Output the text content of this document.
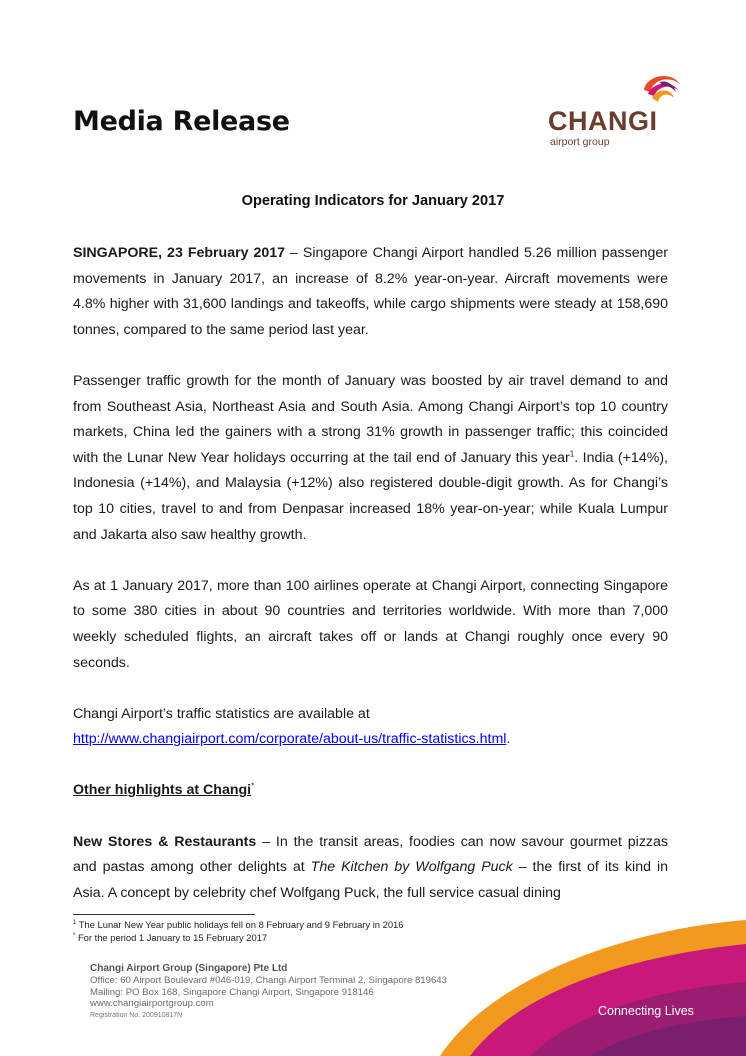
Media Release	CHANGI
airport group
Operating Indicators for January 2017

SINGAPORE, 23 February 2017 – Singapore Changi Airport handled 5.26 million passenger movements in January 2017, an increase of 8.2% year-on-year. Aircraft movements were 4.8% higher with 31,600 landings and takeoffs, while cargo shipments were steady at 158,690 tonnes, compared to the same period last year.

Passenger traffic growth for the month of January was boosted by air travel demand to and from Southeast Asia, Northeast Asia and South Asia. Among Changi Airport’s top 10 country markets, China led the gainers with a strong 31% growth in passenger traffic; this coincided with the Lunar New Year holidays occurring at the tail end of January this year$^1$. India (+14%), Indonesia (+14%), and Malaysia (+12%) also registered double-digit growth. As for Changi’s top 10 cities, travel to and from Denpasar increased 18% year-on-year; while Kuala Lumpur and Jakarta also saw healthy growth.

As at 1 January 2017, more than 100 airlines operate at Changi Airport, connecting Singapore to some 380 cities in about 90 countries and territories worldwide. With more than 7,000 weekly scheduled flights, an aircraft takes off or lands at Changi roughly once every 90 seconds.

Changi Airport’s traffic statistics are available at

http://www.changiairport.com/corporate/about-us/traffic-statistics.html.

Other highlights at Changi*

New Stores & Restaurants – In the transit areas, foodies can now savour gourmet pizzas and pastas among other delights at The Kitchen by Wolfgang Puck – the first of its kind in Asia. A concept by celebrity chef Wolfgang Puck, the full service casual dining

$^1$ The Lunar New Year public holidays fell on 8 February and 9 February in 2016
* For the period 1 January to 15 February 2017
Changi Airport Group (Singapore) Pte Ltd
Office: 60 Airport Boulevard #046-019, Changi Airport Terminal 2, Singapore 819643
Mailing: PO Box 168, Singapore Changi Airport, Singapore 918146
www.changiairportgroup.com
Registration No. 200910817N	Connecting Lives
